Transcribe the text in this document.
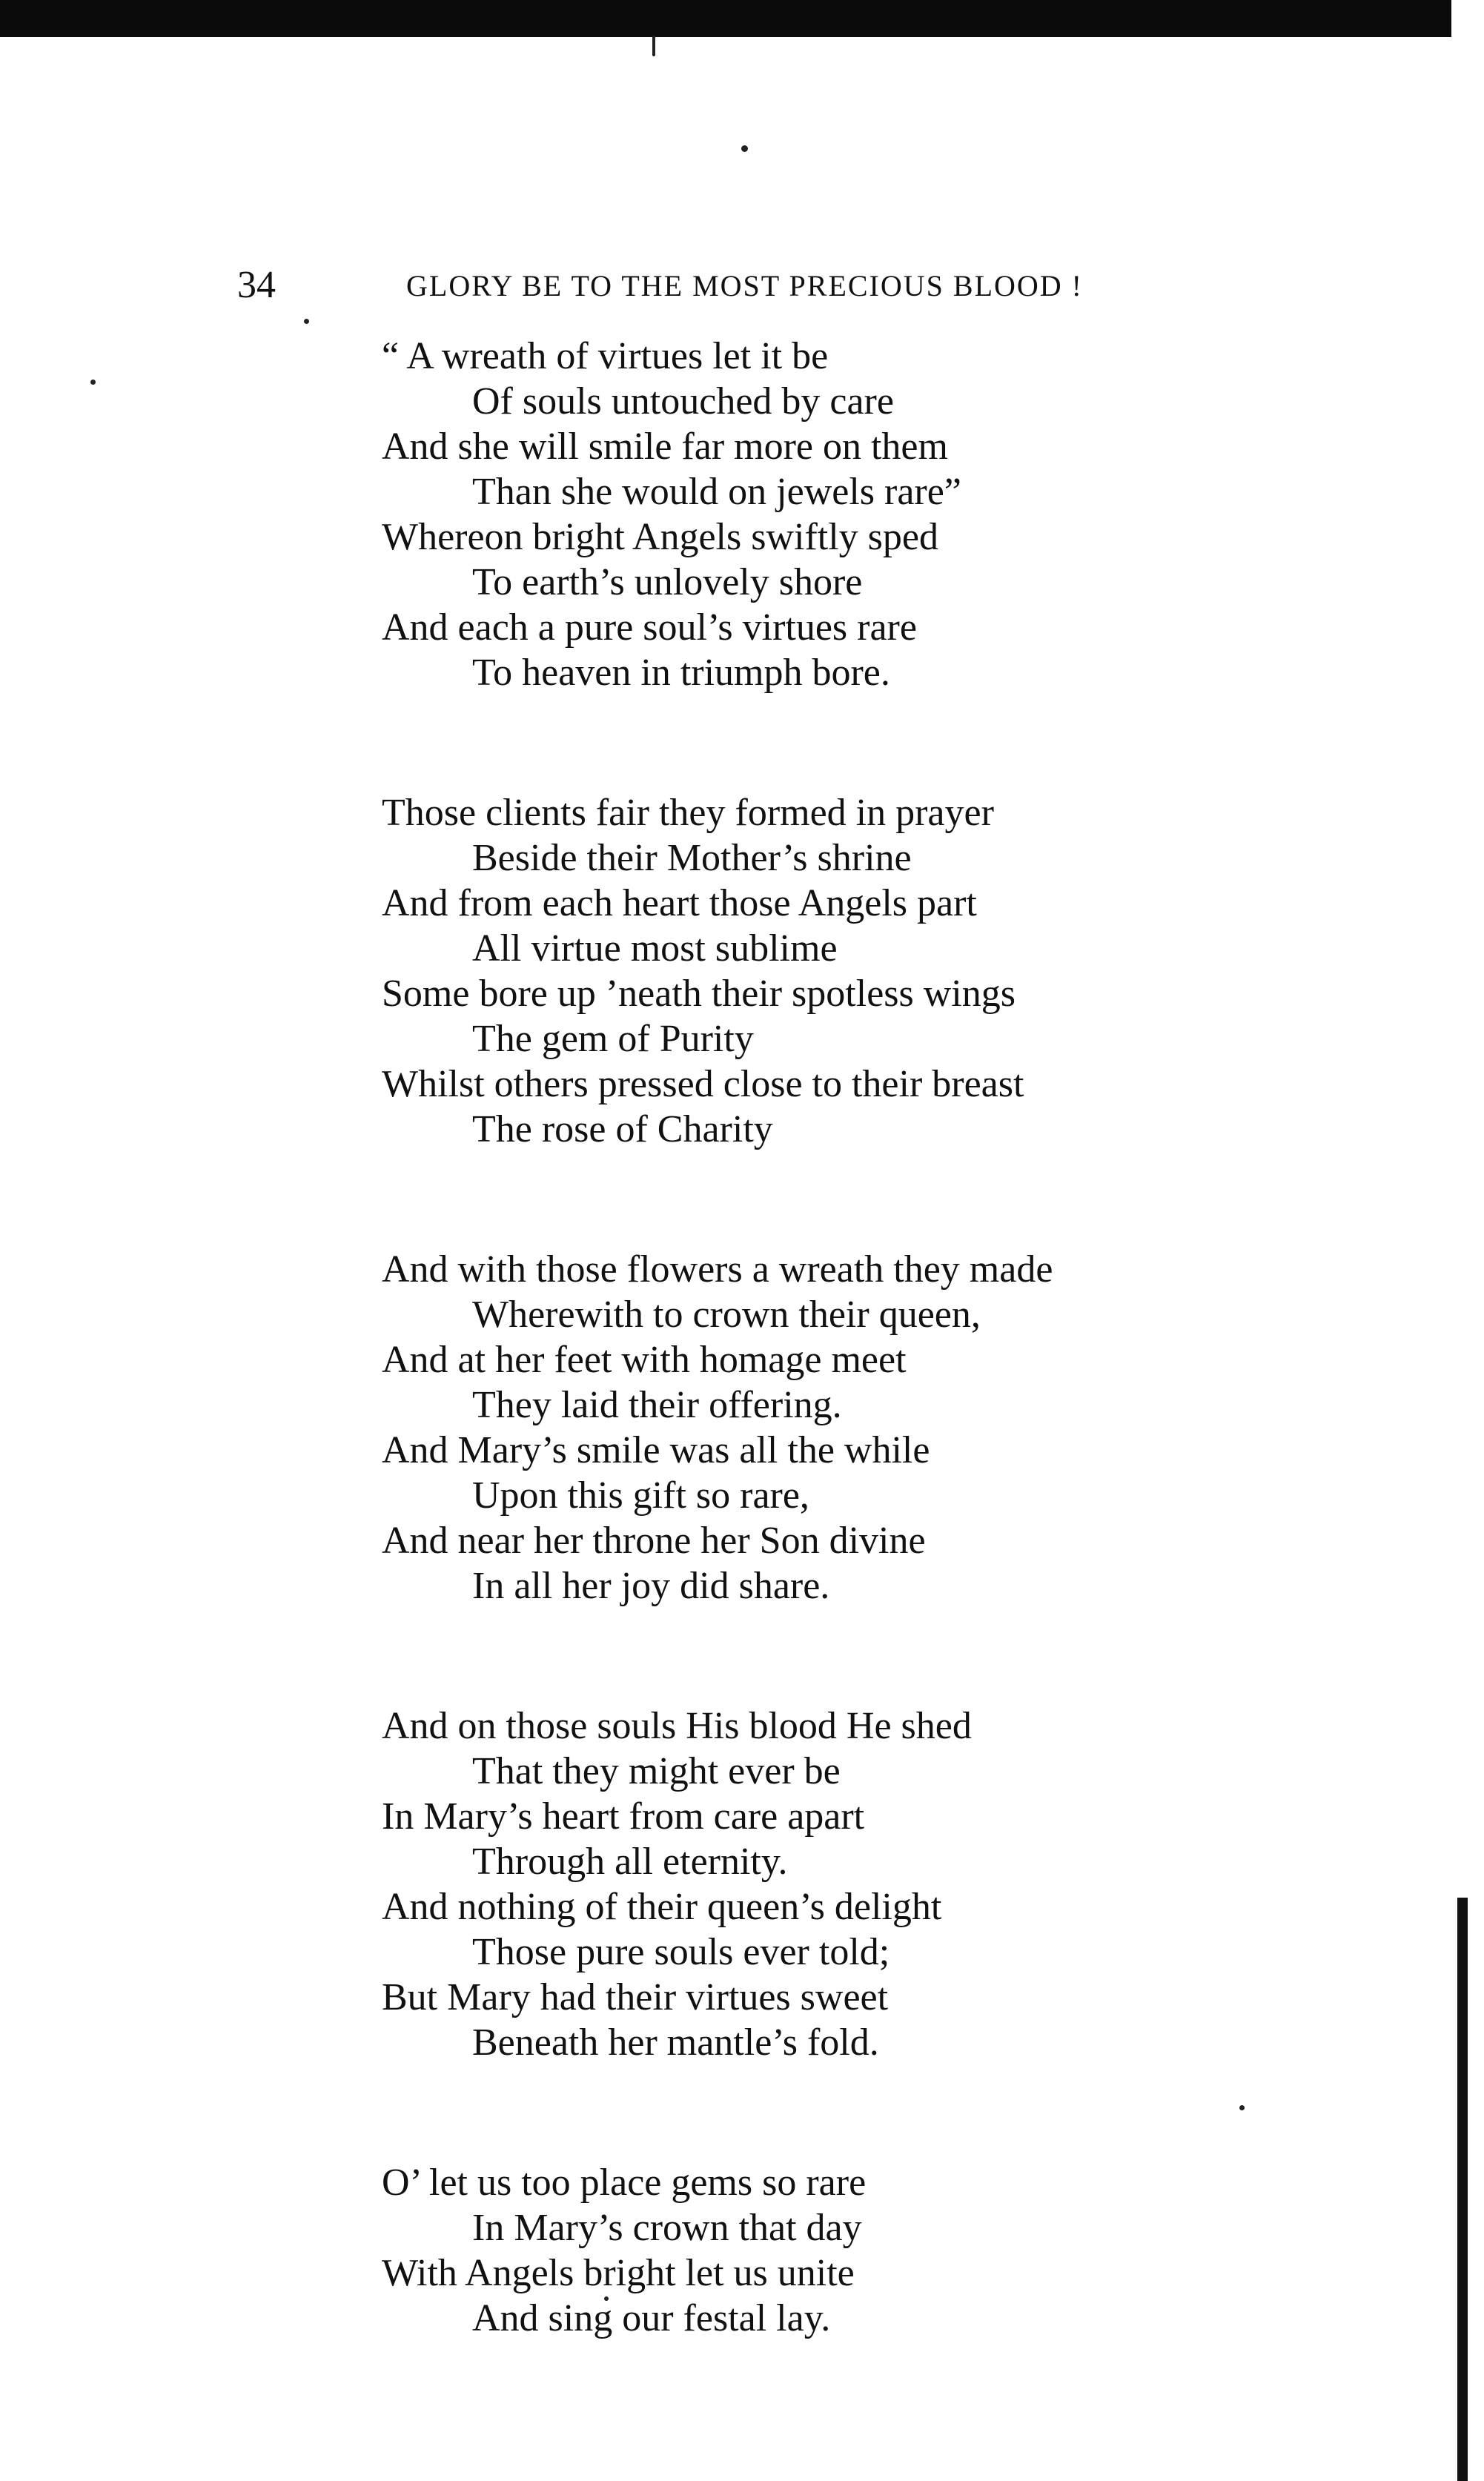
34	GLORY BE TO THE MOST PRECIOUS BLOOD !
“ A wreath of virtues let it be
Of souls untouched by care
And she will smile far more on them
Than she would on jewels rare”
Whereon bright Angels swiftly sped
To earth’s unlovely shore
And each a pure soul’s virtues rare
To heaven in triumph bore.
Those clients fair they formed in prayer
Beside their Mother’s shrine
And from each heart those Angels part
All virtue most sublime
Some bore up ’neath their spotless wings
The gem of Purity
Whilst others pressed close to their breast
The rose of Charity
And with those flowers a wreath they made
Wherewith to crown their queen,
And at her feet with homage meet
They laid their offering.
And Mary’s smile was all the while
Upon this gift so rare,
And near her throne her Son divine
In all her joy did share.
And on those souls His blood He shed
That they might ever be
In Mary’s heart from care apart
Through all eternity.
And nothing of their queen’s delight
Those pure souls ever told;
But Mary had their virtues sweet
Beneath her mantle’s fold.
O’ let us too place gems so rare
In Mary’s crown that day
With Angels bright let us unite
And sing our festal lay.
